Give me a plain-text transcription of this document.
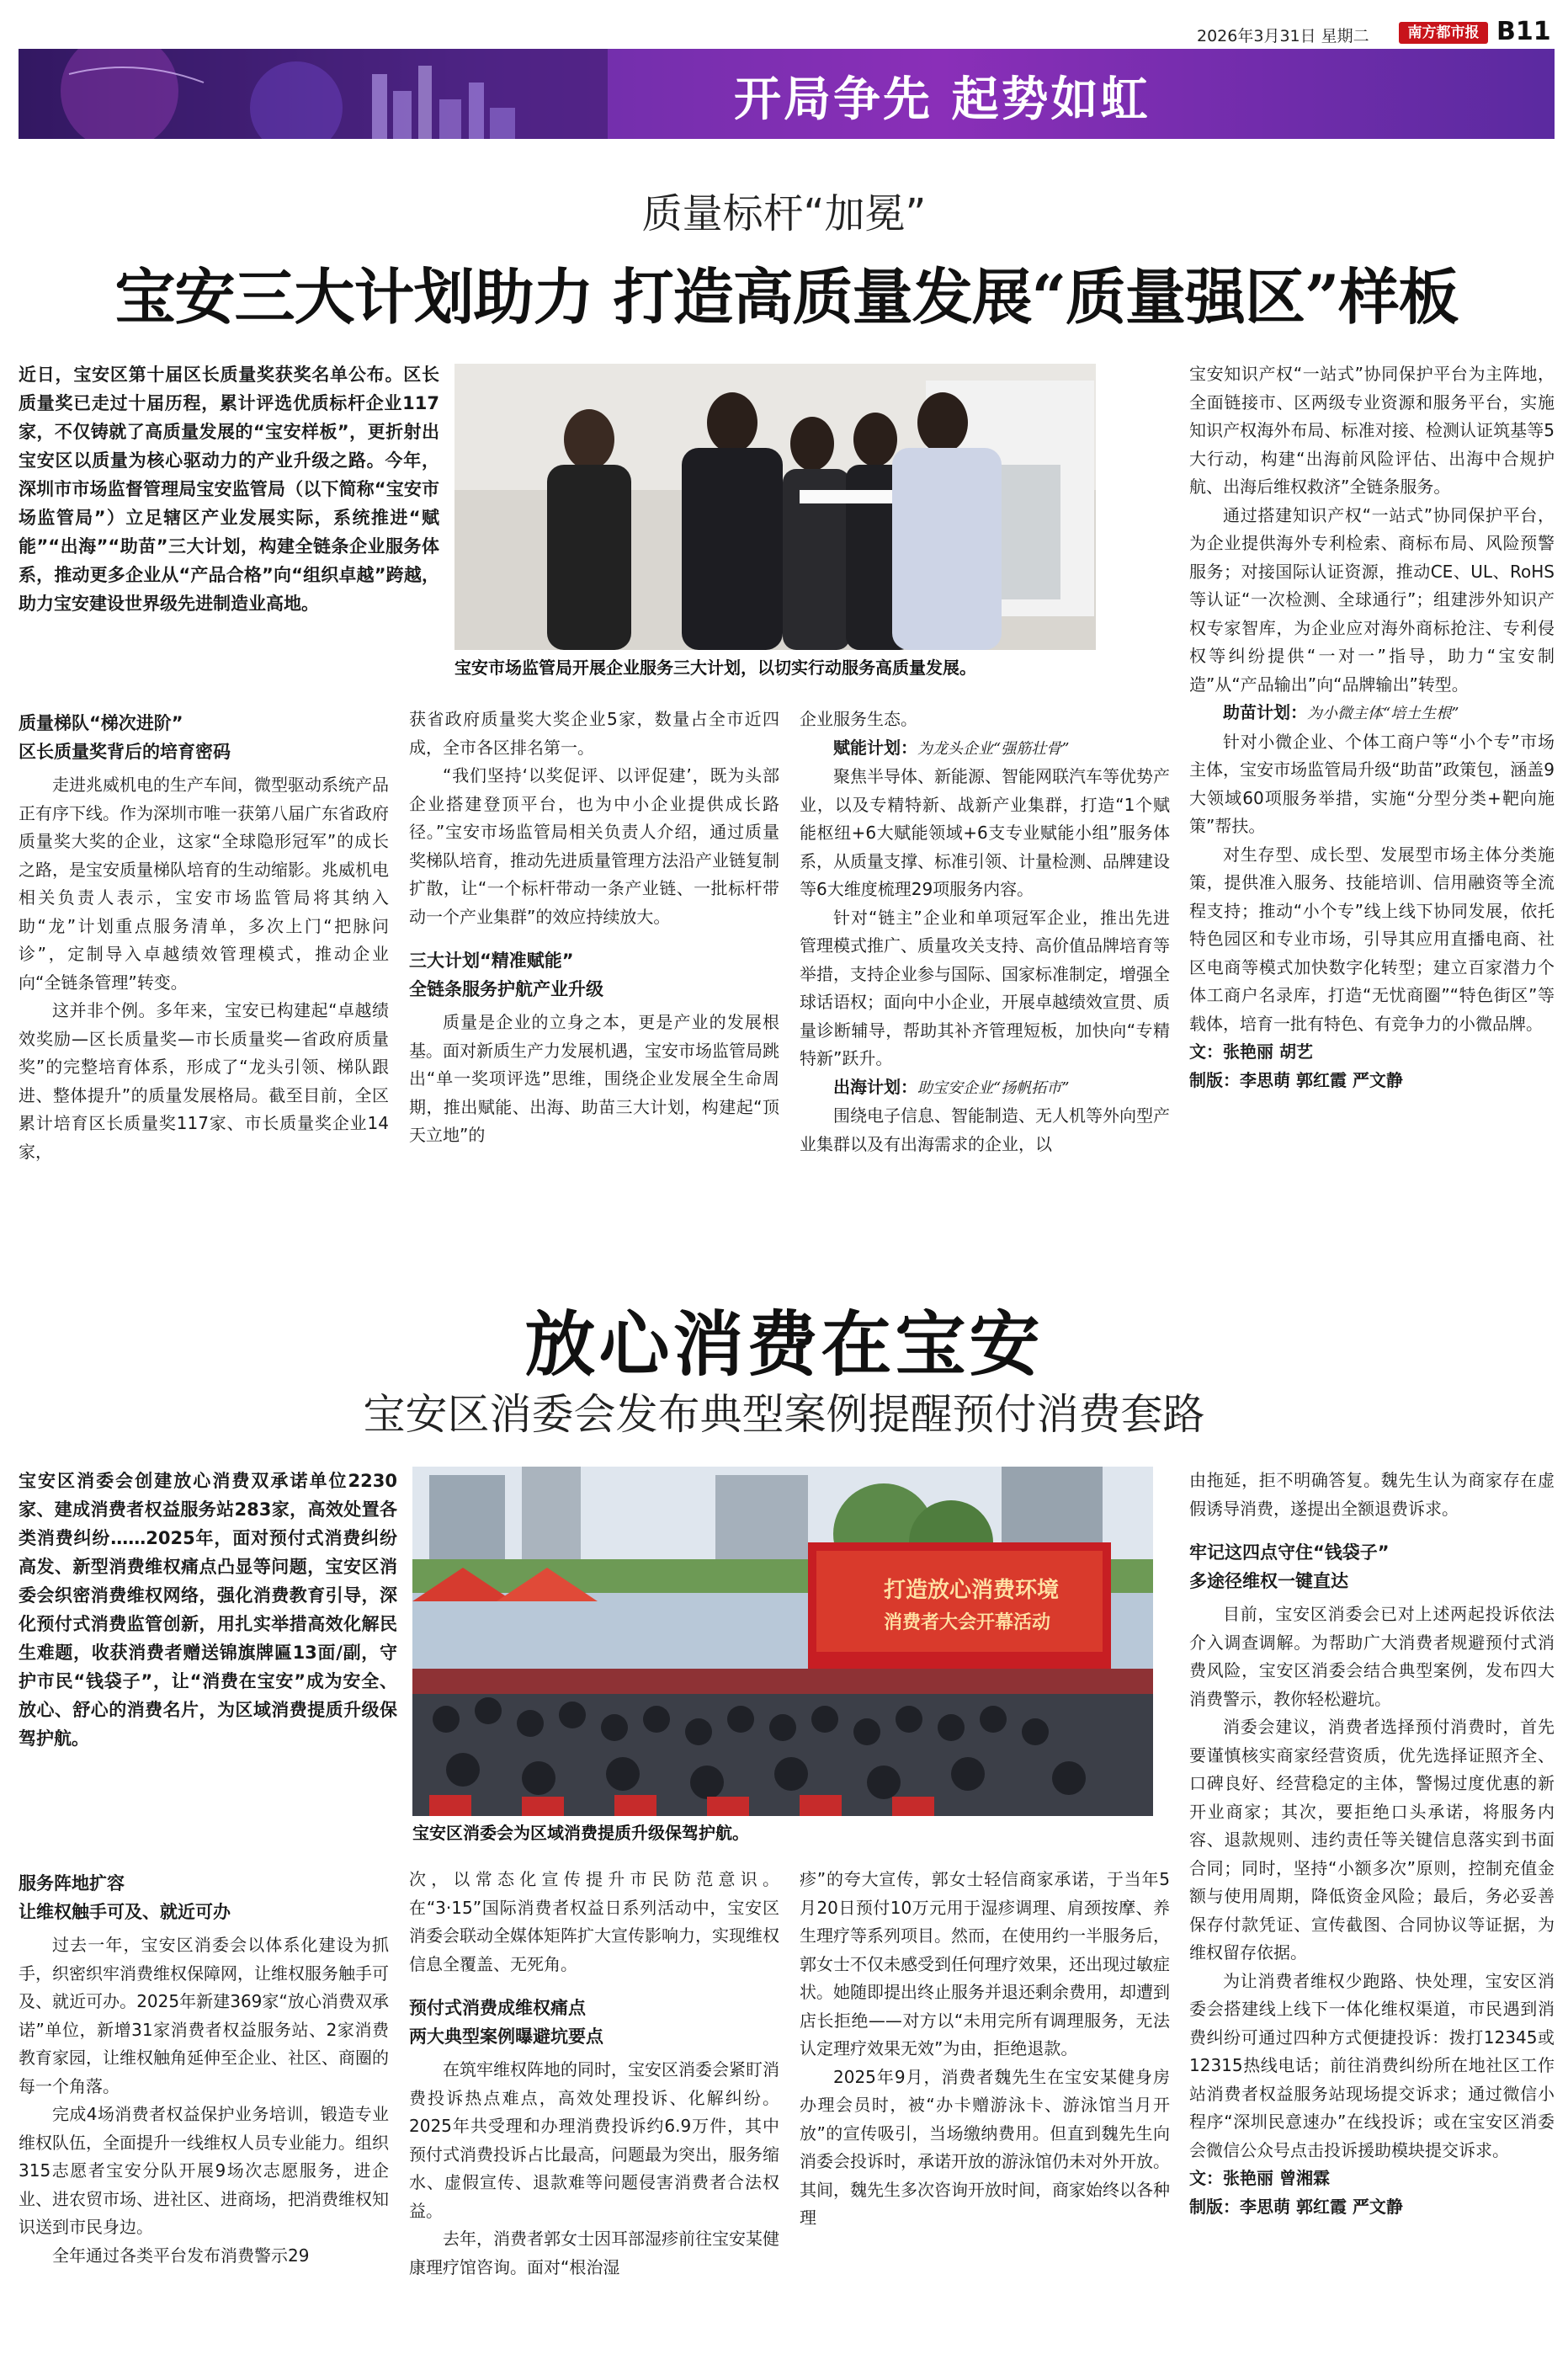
2026年3月31日 星期二	南方都市报 B11
开局争先 起势如虹
质量标杆“加冕”
宝安三大计划助力 打造高质量发展“质量强区”样板

近日，宝安区第十届区长质量奖获奖名单公布。区长质量奖已走过十届历程，累计评选优质标杆企业117家，不仅铸就了高质量发展的“宝安样板”，更折射出宝安区以质量为核心驱动力的产业升级之路。今年，深圳市市场监督管理局宝安监管局（以下简称“宝安市场监管局”）立足辖区产业发展实际，系统推进“赋能”“出海”“助苗”三大计划，构建全链条企业服务体系，推动更多企业从“产品合格”向“组织卓越”跨越，助力宝安建设世界级先进制造业高地。

宝安市场监管局开展企业服务三大计划，以切实行动服务高质量发展。
质量梯队“梯次进阶”
区长质量奖背后的培育密码

走进兆威机电的生产车间，微型驱动系统产品正有序下线。作为深圳市唯一获第八届广东省政府质量奖大奖的企业，这家“全球隐形冠军”的成长之路，是宝安质量梯队培育的生动缩影。兆威机电相关负责人表示，宝安市场监管局将其纳入助“龙”计划重点服务清单，多次上门“把脉问诊”，定制导入卓越绩效管理模式，推动企业向“全链条管理”转变。

这并非个例。多年来，宝安已构建起“卓越绩效奖励—区长质量奖—市长质量奖—省政府质量奖”的完整培育体系，形成了“龙头引领、梯队跟进、整体提升”的质量发展格局。截至目前，全区累计培育区长质量奖117家、市长质量奖企业14家，

获省政府质量奖大奖企业5家，数量占全市近四成，全市各区排名第一。

“我们坚持‘以奖促评、以评促建’，既为头部企业搭建登顶平台，也为中小企业提供成长路径。”宝安市场监管局相关负责人介绍，通过质量奖梯队培育，推动先进质量管理方法沿产业链复制扩散，让“一个标杆带动一条产业链、一批标杆带动一个产业集群”的效应持续放大。

三大计划“精准赋能”
全链条服务护航产业升级

质量是企业的立身之本，更是产业的发展根基。面对新质生产力发展机遇，宝安市场监管局跳出“单一奖项评选”思维，围绕企业发展全生命周期，推出赋能、出海、助苗三大计划，构建起“顶天立地”的

企业服务生态。

赋能计划：为龙头企业“强筋壮骨”

聚焦半导体、新能源、智能网联汽车等优势产业，以及专精特新、战新产业集群，打造“1个赋能枢纽+6大赋能领域+6支专业赋能小组”服务体系，从质量支撑、标准引领、计量检测、品牌建设等6大维度梳理29项服务内容。

针对“链主”企业和单项冠军企业，推出先进管理模式推广、质量攻关支持、高价值品牌培育等举措，支持企业参与国际、国家标准制定，增强全球话语权；面向中小企业，开展卓越绩效宣贯、质量诊断辅导，帮助其补齐管理短板，加快向“专精特新”跃升。

出海计划：助宝安企业“扬帆拓市”

围绕电子信息、智能制造、无人机等外向型产业集群以及有出海需求的企业，以

宝安知识产权“一站式”协同保护平台为主阵地，全面链接市、区两级专业资源和服务平台，实施知识产权海外布局、标准对接、检测认证筑基等5大行动，构建“出海前风险评估、出海中合规护航、出海后维权救济”全链条服务。

通过搭建知识产权“一站式”协同保护平台，为企业提供海外专利检索、商标布局、风险预警服务；对接国际认证资源，推动CE、UL、RoHS等认证“一次检测、全球通行”；组建涉外知识产权专家智库，为企业应对海外商标抢注、专利侵权等纠纷提供“一对一”指导，助力“宝安制造”从“产品输出”向“品牌输出”转型。

助苗计划：为小微主体“培土生根”

针对小微企业、个体工商户等“小个专”市场主体，宝安市场监管局升级“助苗”政策包，涵盖9大领域60项服务举措，实施“分型分类+靶向施策”帮扶。

对生存型、成长型、发展型市场主体分类施策，提供准入服务、技能培训、信用融资等全流程支持；推动“小个专”线上线下协同发展，依托特色园区和专业市场，引导其应用直播电商、社区电商等模式加快数字化转型；建立百家潜力个体工商户名录库，打造“无忧商圈”“特色街区”等载体，培育一批有特色、有竞争力的小微品牌。

文：张艳丽 胡艺

制版：李思萌 郭红霞 严文静

放心消费在宝安
宝安区消委会发布典型案例提醒预付消费套路

宝安区消委会创建放心消费双承诺单位2230家、建成消费者权益服务站283家，高效处置各类消费纠纷……2025年，面对预付式消费纠纷高发、新型消费维权痛点凸显等问题，宝安区消委会织密消费维权网络，强化消费教育引导，深化预付式消费监管创新，用扎实举措高效化解民生难题，收获消费者赠送锦旗牌匾13面/副，守护市民“钱袋子”，让“消费在宝安”成为安全、放心、舒心的消费名片，为区域消费提质升级保驾护航。

打造放心消费环境
消费者大会开幕活动
宝安区消委会为区域消费提质升级保驾护航。
服务阵地扩容
让维权触手可及、就近可办

过去一年，宝安区消委会以体系化建设为抓手，织密织牢消费维权保障网，让维权服务触手可及、就近可办。2025年新建369家“放心消费双承诺”单位，新增31家消费者权益服务站、2家消费教育家园，让维权触角延伸至企业、社区、商圈的每一个角落。

完成4场消费者权益保护业务培训，锻造专业维权队伍，全面提升一线维权人员专业能力。组织315志愿者宝安分队开展9场次志愿服务，进企业、进农贸市场、进社区、进商场，把消费维权知识送到市民身边。

全年通过各类平台发布消费警示29

次，以常态化宣传提升市民防范意识。在“3·15”国际消费者权益日系列活动中，宝安区消委会联动全媒体矩阵扩大宣传影响力，实现维权信息全覆盖、无死角。

预付式消费成维权痛点
两大典型案例曝避坑要点

在筑牢维权阵地的同时，宝安区消委会紧盯消费投诉热点难点，高效处理投诉、化解纠纷。2025年共受理和办理消费投诉约6.9万件，其中预付式消费投诉占比最高，问题最为突出，服务缩水、虚假宣传、退款难等问题侵害消费者合法权益。

去年，消费者郭女士因耳部湿疹前往宝安某健康理疗馆咨询。面对“根治湿

疹”的夸大宣传，郭女士轻信商家承诺，于当年5月20日预付10万元用于湿疹调理、肩颈按摩、养生理疗等系列项目。然而，在使用约一半服务后，郭女士不仅未感受到任何理疗效果，还出现过敏症状。她随即提出终止服务并退还剩余费用，却遭到店长拒绝——对方以“未用完所有调理服务，无法认定理疗效果无效”为由，拒绝退款。

2025年9月，消费者魏先生在宝安某健身房办理会员时，被“办卡赠游泳卡、游泳馆当月开放”的宣传吸引，当场缴纳费用。但直到魏先生向消委会投诉时，承诺开放的游泳馆仍未对外开放。其间，魏先生多次咨询开放时间，商家始终以各种理

由拖延，拒不明确答复。魏先生认为商家存在虚假诱导消费，遂提出全额退费诉求。

牢记这四点守住“钱袋子”
多途径维权一键直达

目前，宝安区消委会已对上述两起投诉依法介入调查调解。为帮助广大消费者规避预付式消费风险，宝安区消委会结合典型案例，发布四大消费警示，教你轻松避坑。

消委会建议，消费者选择预付消费时，首先要谨慎核实商家经营资质，优先选择证照齐全、口碑良好、经营稳定的主体，警惕过度优惠的新开业商家；其次，要拒绝口头承诺，将服务内容、退款规则、违约责任等关键信息落实到书面合同；同时，坚持“小额多次”原则，控制充值金额与使用周期，降低资金风险；最后，务必妥善保存付款凭证、宣传截图、合同协议等证据，为维权留存依据。

为让消费者维权少跑路、快处理，宝安区消委会搭建线上线下一体化维权渠道，市民遇到消费纠纷可通过四种方式便捷投诉：拨打12345或12315热线电话；前往消费纠纷所在地社区工作站消费者权益服务站现场提交诉求；通过微信小程序“深圳民意速办”在线投诉；或在宝安区消委会微信公众号点击投诉援助模块提交诉求。

文：张艳丽 曾湘霖

制版：李思萌 郭红霞 严文静
